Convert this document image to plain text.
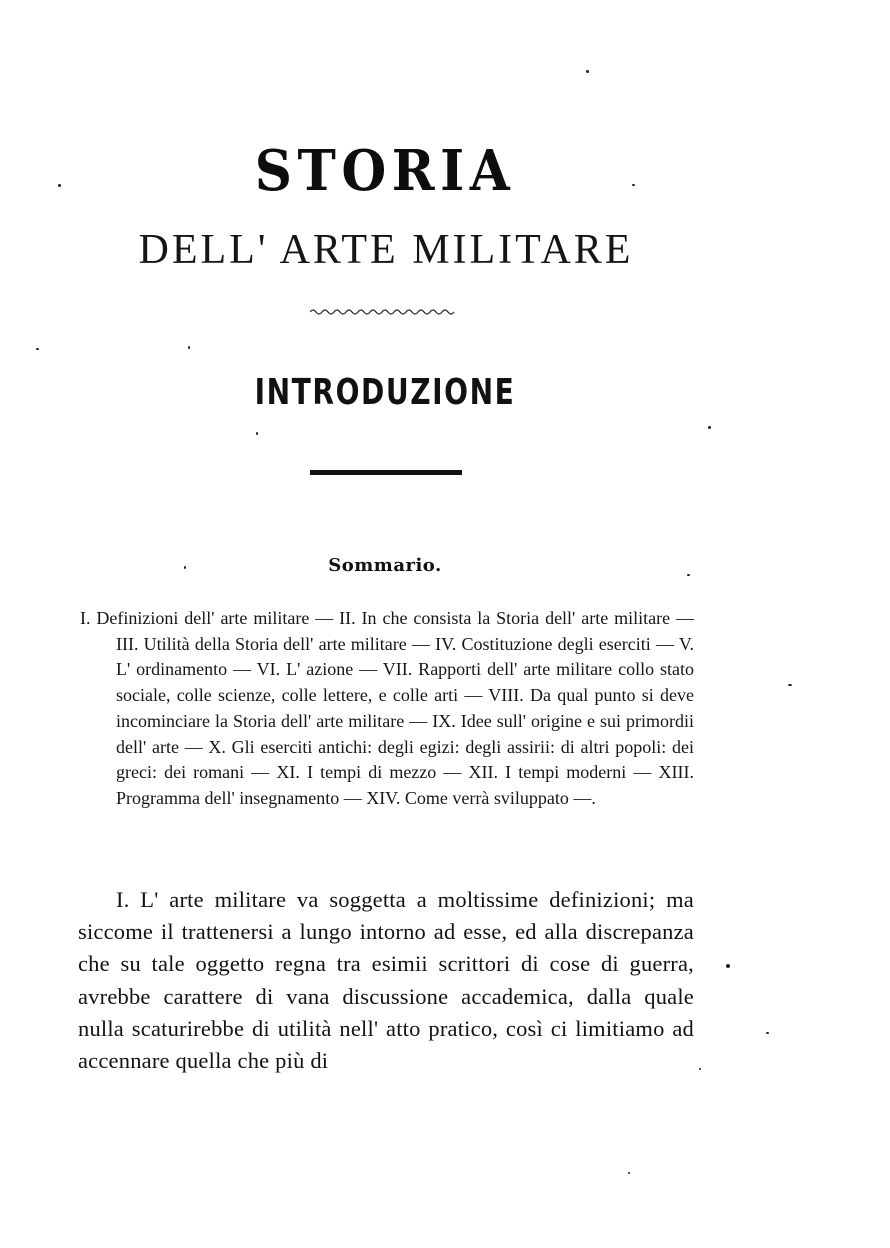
STORIA
DELL' ARTE MILITARE
INTRODUZIONE
Sommario.
I. Definizioni dell' arte militare — II. In che consista la Storia dell' arte militare — III. Utilità della Storia dell' arte militare — IV. Costituzione degli eserciti — V. L' ordinamento — VI. L' azione — VII. Rapporti dell' arte militare collo stato sociale, colle scienze, colle lettere, e colle arti — VIII. Da qual punto si deve incominciare la Storia dell' arte militare — IX. Idee sull' origine e sui primordii dell' arte — X. Gli eserciti antichi: degli egizi: degli assirii: di altri popoli: dei greci: dei romani — XI. I tempi di mezzo — XII. I tempi moderni — XIII. Programma dell' insegnamento — XIV. Come verrà sviluppato —.
I. L' arte militare va soggetta a moltissime definizioni; ma siccome il trattenersi a lungo intorno ad esse, ed alla discrepanza che su tale oggetto regna tra esimii scrittori di cose di guerra, avrebbe carattere di vana discussione accademica, dalla quale nulla scaturirebbe di utilità nell' atto pratico, così ci limitiamo ad accennare quella che più di
